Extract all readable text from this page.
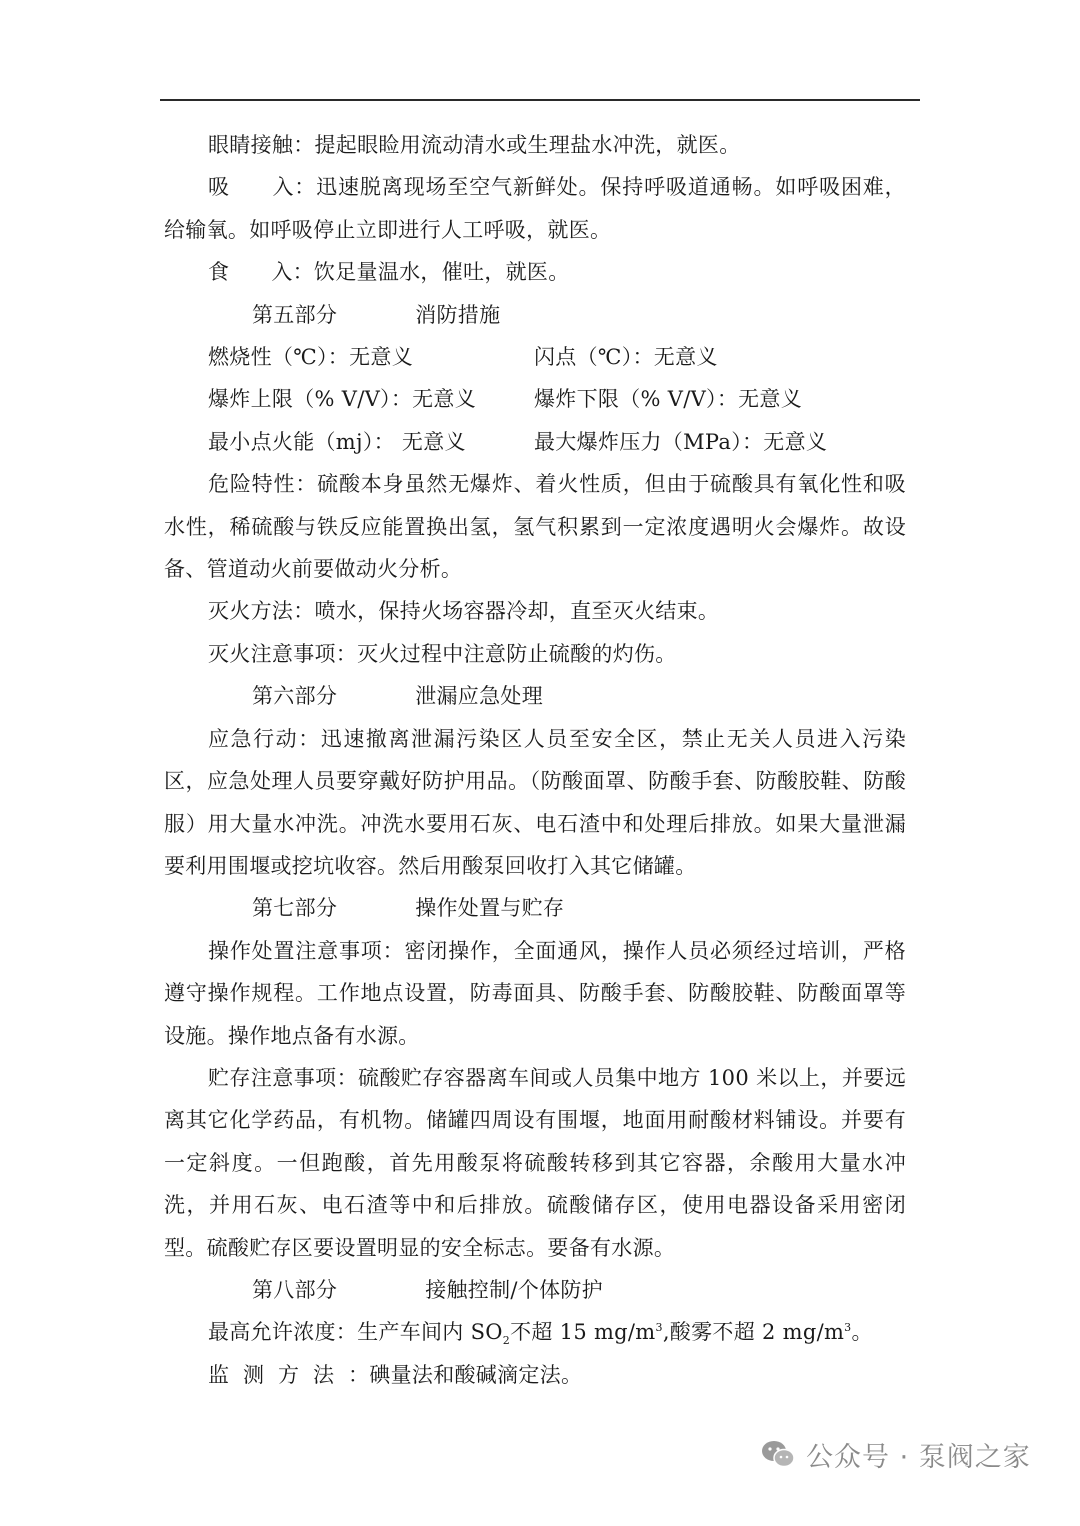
眼睛接触：提起眼睑用流动清水或生理盐水冲洗，就医。

吸 入：迅速脱离现场至空气新鲜处。保持呼吸道通畅。如呼吸困难，给输氧。如呼吸停止立即进行人工呼吸，就医。

食 入：饮足量温水，催吐，就医。

第五部分	消防措施

燃烧性（℃）：无意义	闪点（℃）：无意义
爆炸上限（% V/V）：无意义	爆炸下限（% V/V）：无意义
最小点火能（mj）： 无意义	最大爆炸压力（MPa）：无意义

危险特性：硫酸本身虽然无爆炸、着火性质，但由于硫酸具有氧化性和吸水性，稀硫酸与铁反应能置换出氢，氢气积累到一定浓度遇明火会爆炸。故设备、管道动火前要做动火分析。

灭火方法：喷水，保持火场容器冷却，直至灭火结束。

灭火注意事项：灭火过程中注意防止硫酸的灼伤。

第六部分	泄漏应急处理

应急行动：迅速撤离泄漏污染区人员至安全区，禁止无关人员进入污染区，应急处理人员要穿戴好防护用品。（防酸面罩、防酸手套、防酸胶鞋、防酸服）用大量水冲洗。冲洗水要用石灰、电石渣中和处理后排放。如果大量泄漏要利用围堰或挖坑收容。然后用酸泵回收打入其它储罐。

第七部分	操作处置与贮存

操作处置注意事项：密闭操作，全面通风，操作人员必须经过培训，严格遵守操作规程。工作地点设置，防毒面具、防酸手套、防酸胶鞋、防酸面罩等设施。操作地点备有水源。

贮存注意事项：硫酸贮存容器离车间或人员集中地方 100 米以上，并要远离其它化学药品，有机物。储罐四周设有围堰，地面用耐酸材料铺设。并要有一定斜度。一但跑酸，首先用酸泵将硫酸转移到其它容器，余酸用大量水冲洗，并用石灰、电石渣等中和后排放。硫酸储存区，使用电器设备采用密闭型。硫酸贮存区要设置明显的安全标志。要备有水源。

第八部分	接触控制/个体防护

最高允许浓度：生产车间内 $SO_2$不超 15 $mg/m^3$,酸雾不超 2 $mg/m^3$。

监测方法：碘量法和酸碱滴定法。

公众号 · 泵阀之家
